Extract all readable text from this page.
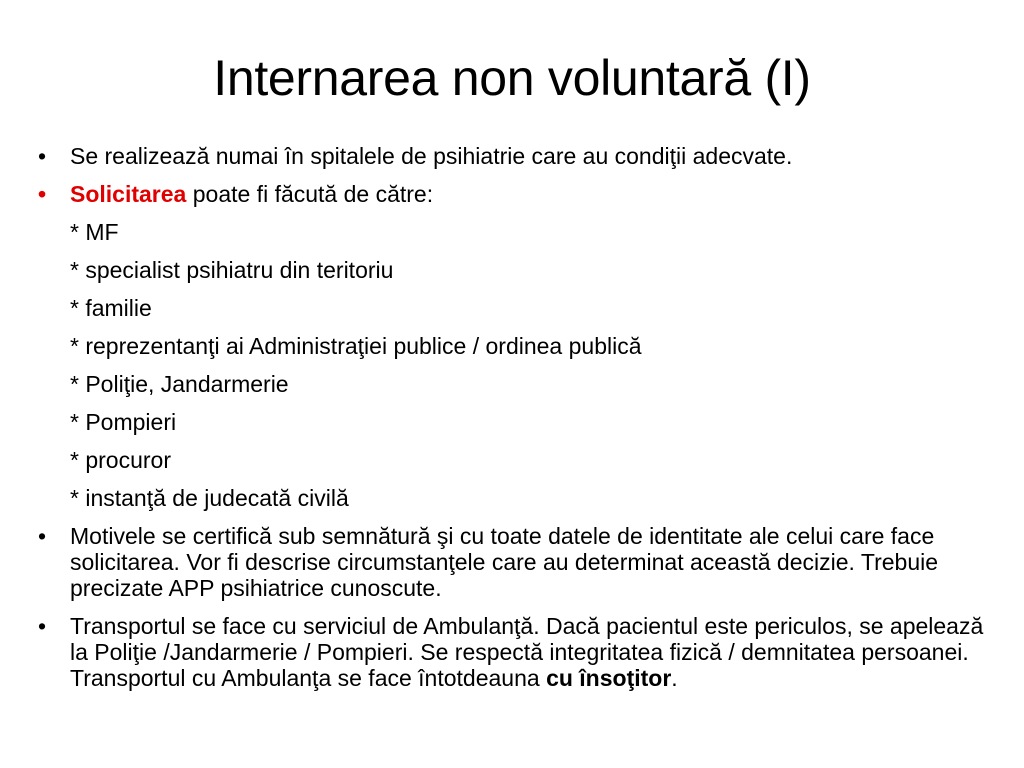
Internarea non voluntară (I)
•	Se realizează numai în spitalele de psihiatrie care au condiţii adecvate.
•	Solicitarea poate fi făcută de către:
* MF
* specialist psihiatru din teritoriu
* familie
* reprezentanţi ai Administraţiei publice / ordinea publică
* Poliţie, Jandarmerie
* Pompieri
* procuror
* instanţă de judecată civilă
•	Motivele se certifică sub semnătură şi cu toate datele de identitate ale celui care face solicitarea. Vor fi descrise circumstanţele care au determinat această decizie. Trebuie precizate APP psihiatrice cunoscute.
•	Transportul se face cu serviciul de Ambulanţă. Dacă pacientul este periculos, se apelează la Poliţie /Jandarmerie / Pompieri. Se respectă integritatea fizică / demnitatea persoanei. Transportul cu Ambulanţa se face întotdeauna cu însoţitor.
